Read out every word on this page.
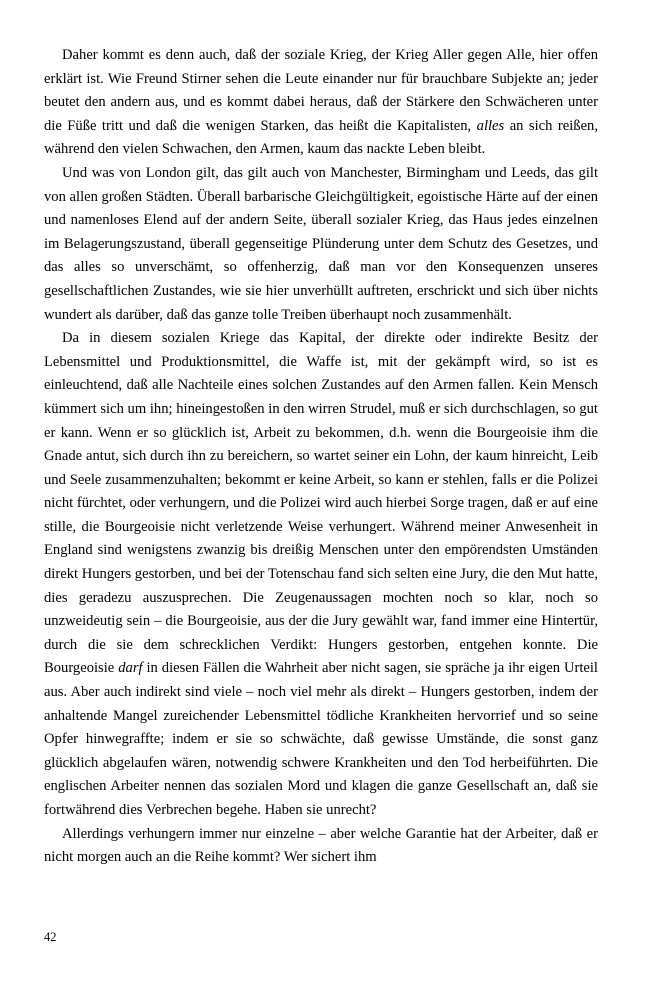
Daher kommt es denn auch, daß der soziale Krieg, der Krieg Aller gegen Alle, hier offen erklärt ist. Wie Freund Stirner sehen die Leute einander nur für brauchbare Subjekte an; jeder beutet den andern aus, und es kommt dabei heraus, daß der Stärkere den Schwächeren unter die Füße tritt und daß die wenigen Starken, das heißt die Kapitalisten, alles an sich reißen, während den vielen Schwachen, den Armen, kaum das nackte Leben bleibt.

Und was von London gilt, das gilt auch von Manchester, Birmingham und Leeds, das gilt von allen großen Städten. Überall barbarische Gleichgültigkeit, egoistische Härte auf der einen und namenloses Elend auf der andern Seite, überall sozialer Krieg, das Haus jedes einzelnen im Belagerungszustand, überall gegenseitige Plünderung unter dem Schutz des Gesetzes, und das alles so unverschämt, so offenherzig, daß man vor den Konsequenzen unseres gesellschaftlichen Zustandes, wie sie hier unverhüllt auftreten, erschrickt und sich über nichts wundert als darüber, daß das ganze tolle Treiben überhaupt noch zusammenhält.

Da in diesem sozialen Kriege das Kapital, der direkte oder indirekte Besitz der Lebensmittel und Produktionsmittel, die Waffe ist, mit der gekämpft wird, so ist es einleuchtend, daß alle Nachteile eines solchen Zustandes auf den Armen fallen. Kein Mensch kümmert sich um ihn; hineingestoßen in den wirren Strudel, muß er sich durchschlagen, so gut er kann. Wenn er so glücklich ist, Arbeit zu bekommen, d.h. wenn die Bourgeoisie ihm die Gnade antut, sich durch ihn zu bereichern, so wartet seiner ein Lohn, der kaum hinreicht, Leib und Seele zusammenzuhalten; bekommt er keine Arbeit, so kann er stehlen, falls er die Polizei nicht fürchtet, oder verhungern, und die Polizei wird auch hierbei Sorge tragen, daß er auf eine stille, die Bourgeoisie nicht verletzende Weise verhungert. Während meiner Anwesenheit in England sind wenigstens zwanzig bis dreißig Menschen unter den empörendsten Umständen direkt Hungers gestorben, und bei der Totenschau fand sich selten eine Jury, die den Mut hatte, dies geradezu auszusprechen. Die Zeugenaussagen mochten noch so klar, noch so unzweideutig sein – die Bourgeoisie, aus der die Jury gewählt war, fand immer eine Hintertür, durch die sie dem schrecklichen Verdikt: Hungers gestorben, entgehen konnte. Die Bourgeoisie darf in diesen Fällen die Wahrheit aber nicht sagen, sie spräche ja ihr eigen Urteil aus. Aber auch indirekt sind viele – noch viel mehr als direkt – Hungers gestorben, indem der anhaltende Mangel zureichender Lebensmittel tödliche Krankheiten hervorrief und so seine Opfer hinwegraffte; indem er sie so schwächte, daß gewisse Umstände, die sonst ganz glücklich abgelaufen wären, notwendig schwere Krankheiten und den Tod herbeiführten. Die englischen Arbeiter nennen das sozialen Mord und klagen die ganze Gesellschaft an, daß sie fortwährend dies Verbrechen begehe. Haben sie unrecht?

Allerdings verhungern immer nur einzelne – aber welche Garantie hat der Arbeiter, daß er nicht morgen auch an die Reihe kommt? Wer sichert ihm

42
